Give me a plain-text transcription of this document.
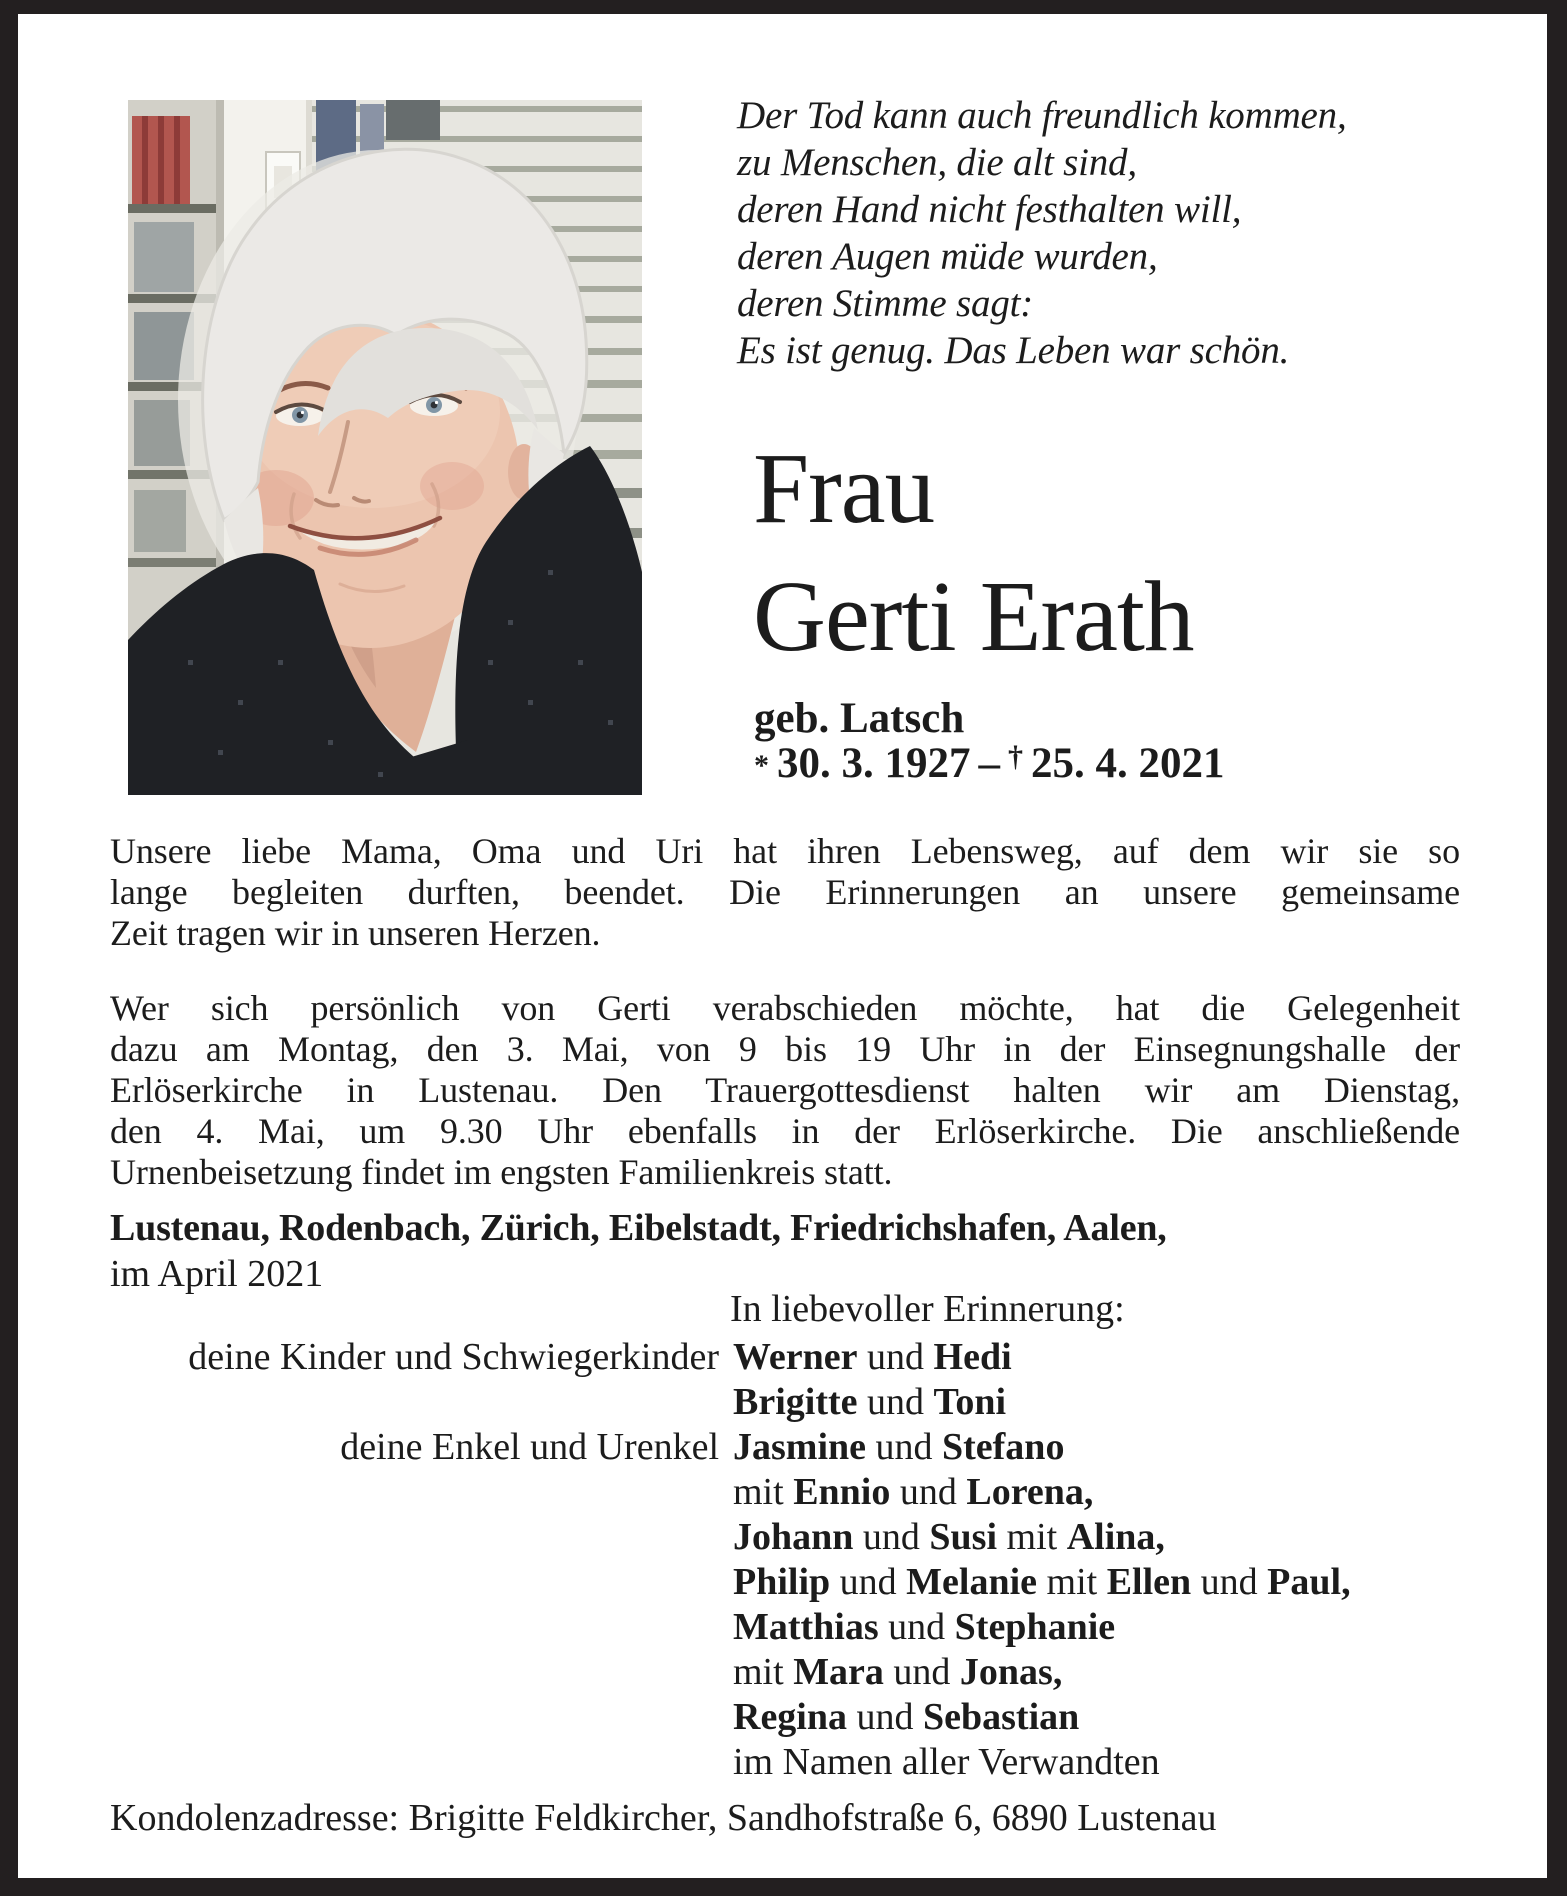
Der Tod kann auch freundlich kommen,
zu Menschen, die alt sind,
deren Hand nicht festhalten will,
deren Augen müde wurden,
deren Stimme sagt:
Es ist genug. Das Leben war schön.
Frau
Gerti Erath
geb. Latsch
* 30. 3. 1927 – † 25. 4. 2021
Unsere liebe Mama, Oma und Uri hat ihren Lebensweg, auf dem wir sie so
lange begleiten durften, beendet. Die Erinnerungen an unsere gemeinsame
Zeit tragen wir in unseren Herzen.
Wer sich persönlich von Gerti verabschieden möchte, hat die Gelegenheit
dazu am Montag, den 3. Mai, von 9 bis 19 Uhr in der Einsegnungshalle der
Erlöserkirche in Lustenau. Den Trauergottesdienst halten wir am Dienstag,
den 4. Mai, um 9.30 Uhr ebenfalls in der Erlöserkirche. Die anschließende
Urnenbeisetzung findet im engsten Familienkreis statt.
Lustenau, Rodenbach, Zürich, Eibelstadt, Friedrichshafen, Aalen,
im April 2021
In liebevoller Erinnerung:
deine Kinder und Schwiegerkinder Werner und Hedi
Brigitte und Toni
deine Enkel und Urenkel Jasmine und Stefano
mit Ennio und Lorena,
Johann und Susi mit Alina,
Philip und Melanie mit Ellen und Paul,
Matthias und Stephanie
mit Mara und Jonas,
Regina und Sebastian
im Namen aller Verwandten
Kondolenzadresse: Brigitte Feldkircher, Sandhofstraße 6, 6890 Lustenau
